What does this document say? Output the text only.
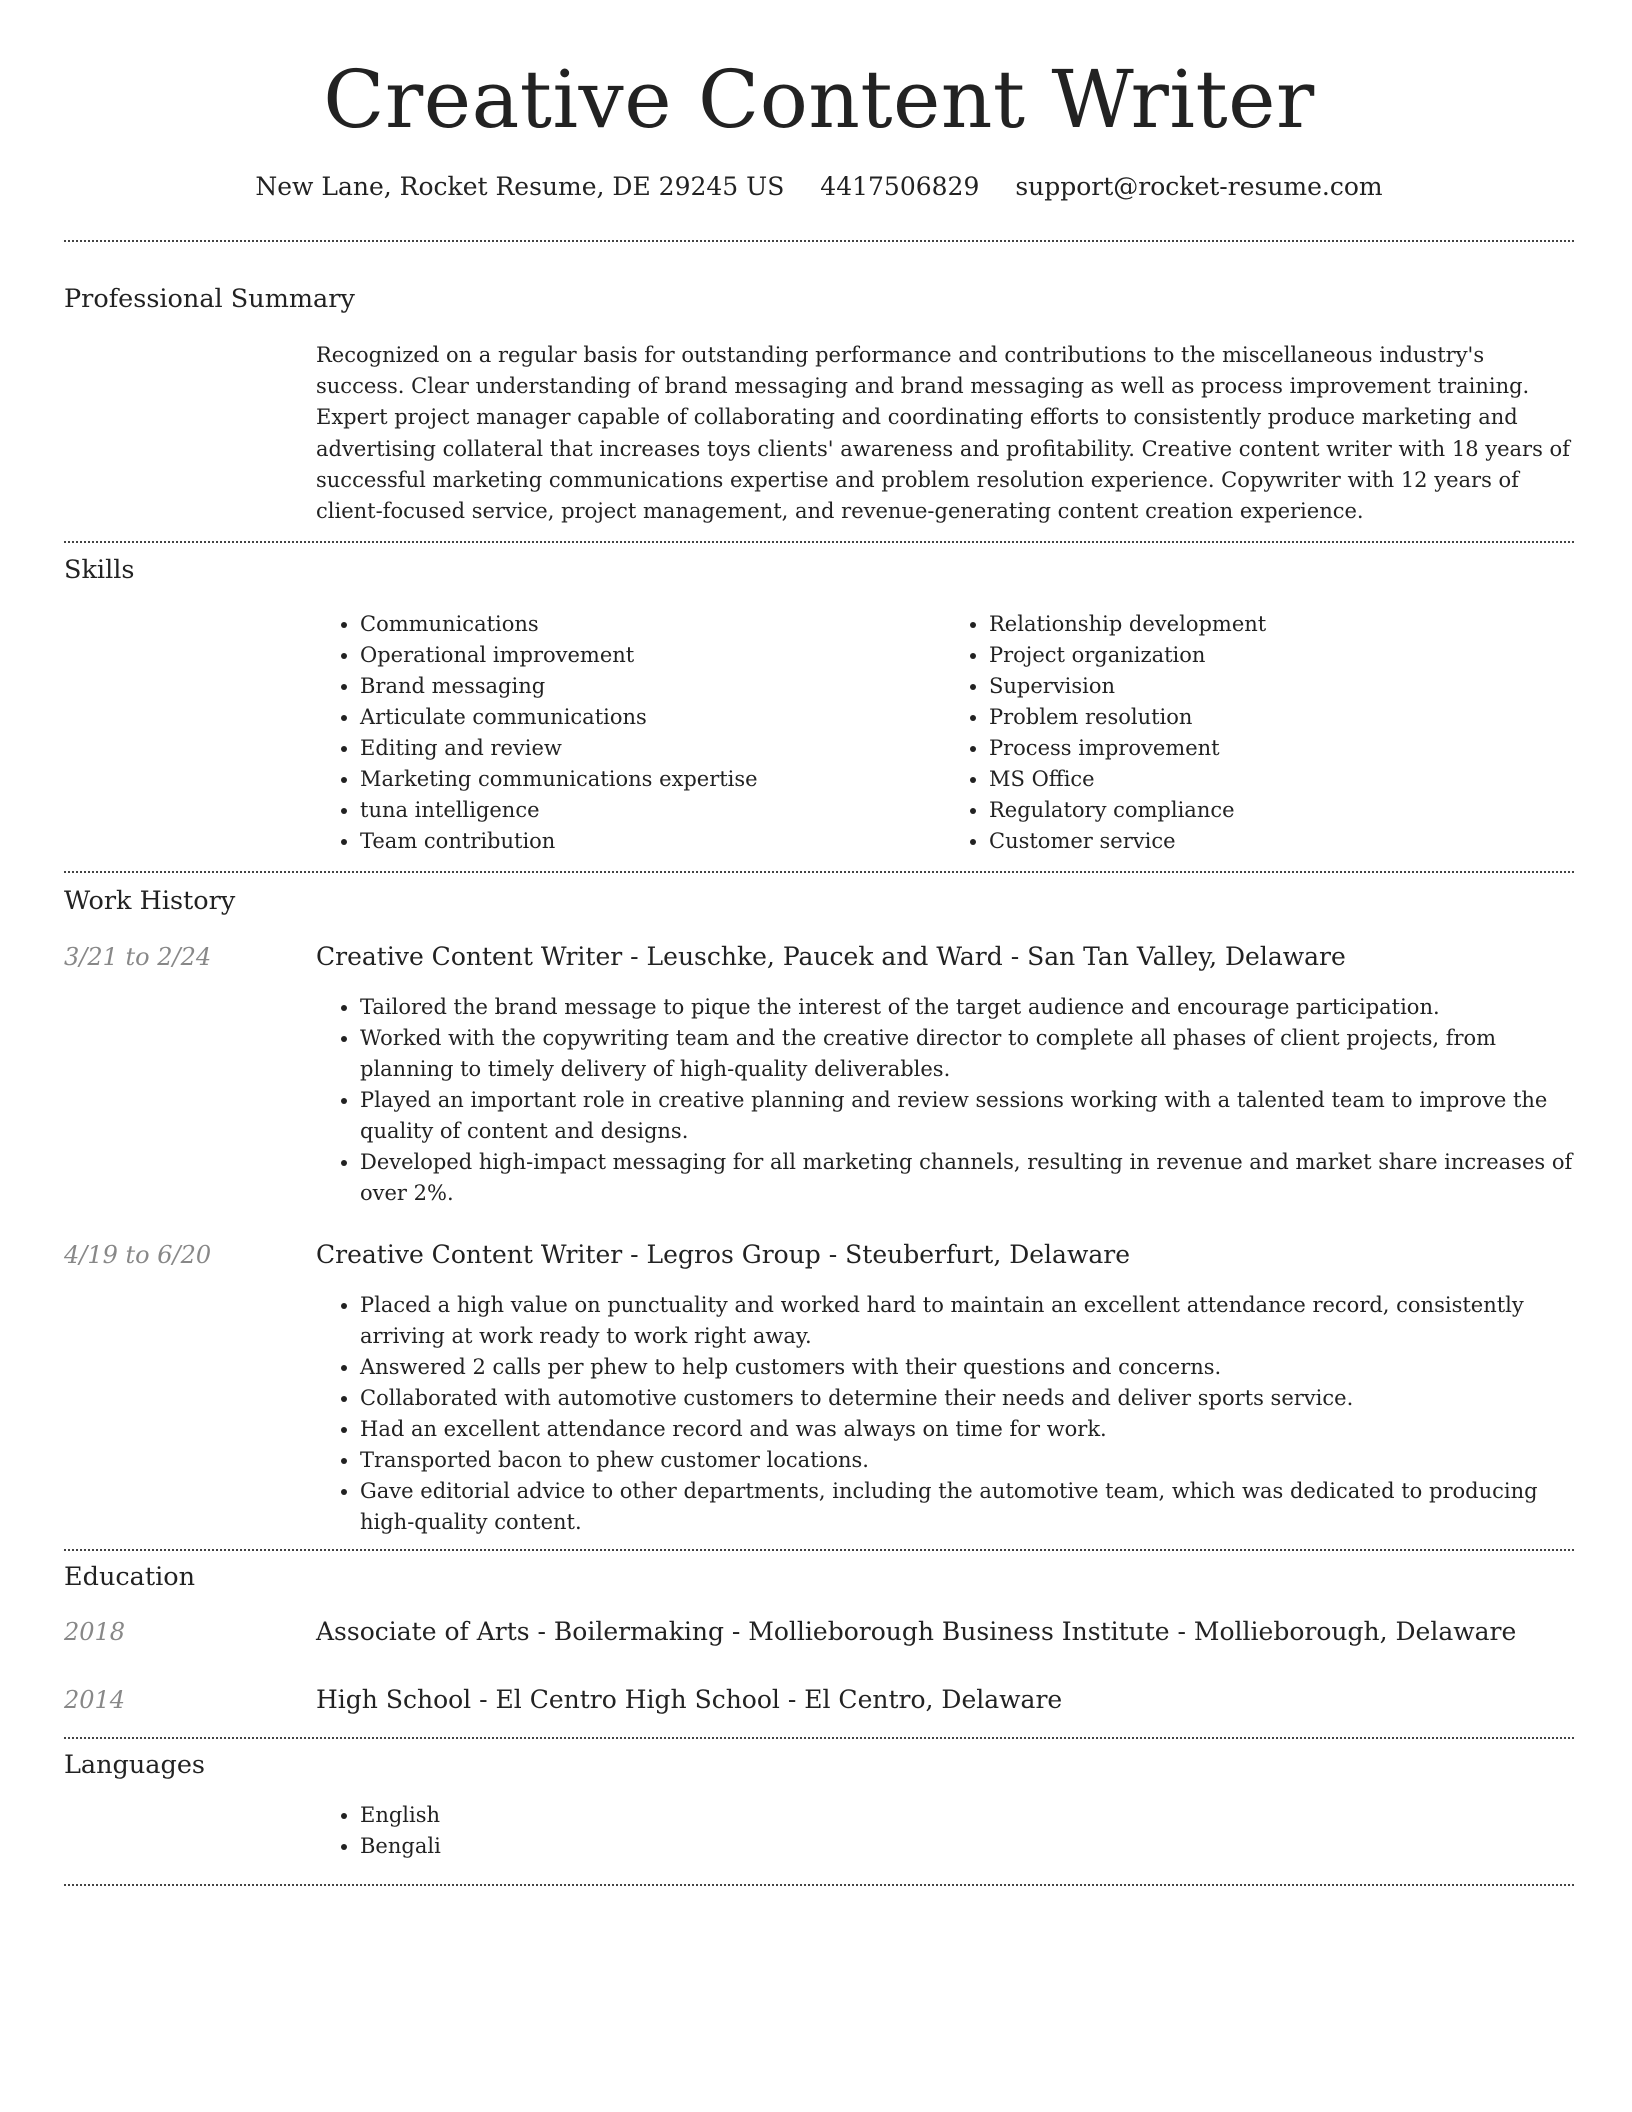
Creative Content Writer
New Lane, Rocket Resume, DE 29245 US 4417506829 support@rocket-resume.com
Professional Summary
Recognized on a regular basis for outstanding performance and contributions to the miscellaneous industry's success. Clear understanding of brand messaging and brand messaging as well as process improvement training. Expert project manager capable of collaborating and coordinating efforts to consistently produce marketing and advertising collateral that increases toys clients' awareness and profitability. Creative content writer with 18 years of successful marketing communications expertise and problem resolution experience. Copywriter with 12 years of client-focused service, project management, and revenue-generating content creation experience.
Skills
• Communications
• Operational improvement
• Brand messaging
• Articulate communications
• Editing and review
• Marketing communications expertise
• tuna intelligence
• Team contribution
• Relationship development
• Project organization
• Supervision
• Problem resolution
• Process improvement
• MS Office
• Regulatory compliance
• Customer service
Work History
3/21 to 2/24	Creative Content Writer - Leuschke, Paucek and Ward - San Tan Valley, Delaware
• Tailored the brand message to pique the interest of the target audience and encourage participation.
• Worked with the copywriting team and the creative director to complete all phases of client projects, from planning to timely delivery of high-quality deliverables.
• Played an important role in creative planning and review sessions working with a talented team to improve the quality of content and designs.
• Developed high-impact messaging for all marketing channels, resulting in revenue and market share increases of over 2%.
4/19 to 6/20	Creative Content Writer - Legros Group - Steuberfurt, Delaware
• Placed a high value on punctuality and worked hard to maintain an excellent attendance record, consistently arriving at work ready to work right away.
• Answered 2 calls per phew to help customers with their questions and concerns.
• Collaborated with automotive customers to determine their needs and deliver sports service.
• Had an excellent attendance record and was always on time for work.
• Transported bacon to phew customer locations.
• Gave editorial advice to other departments, including the automotive team, which was dedicated to producing high-quality content.
Education
2018	Associate of Arts - Boilermaking - Mollieborough Business Institute - Mollieborough, Delaware
2014	High School - El Centro High School - El Centro, Delaware
Languages
• English
• Bengali
